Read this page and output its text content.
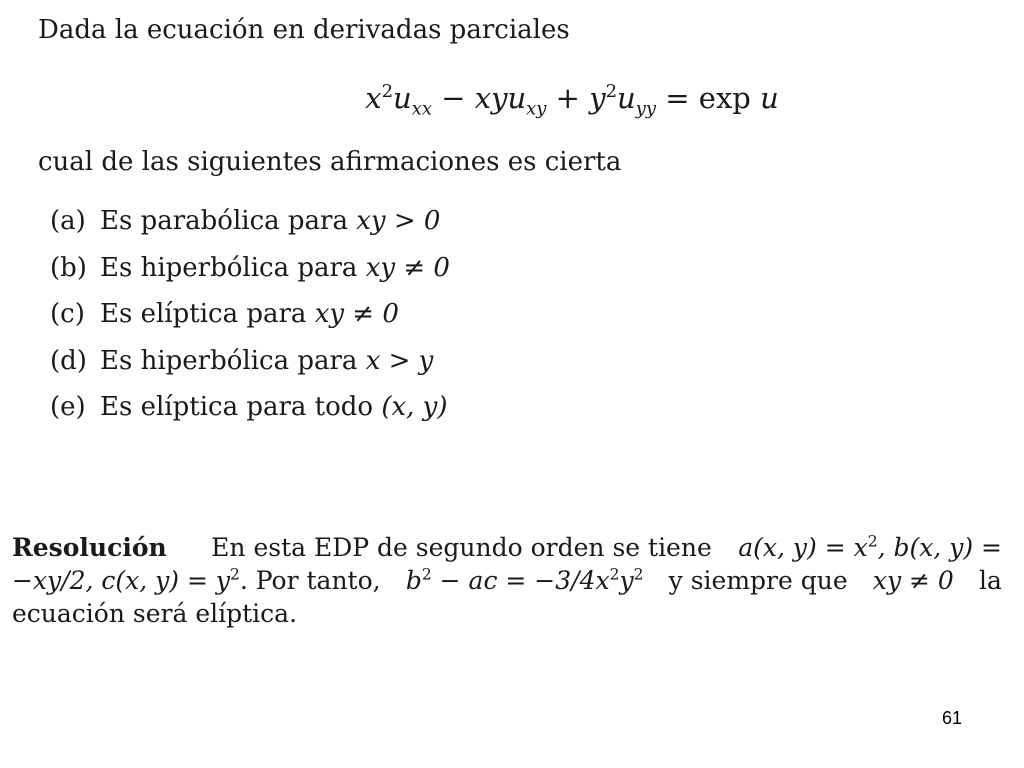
Dada la ecuación en derivadas parciales
$x^2u_{xx} - xyu_{xy} + y^2u_{yy} = \exp u$
cual de las siguientes afirmaciones es cierta
(a) Es parabólica para xy > 0
(b) Es hiperbólica para xy ≠ 0
(c) Es elíptica para xy ≠ 0
(d) Es hiperbólica para x > y
(e) Es elíptica para todo (x, y)
Resolución En esta EDP de segundo orden se tiene a(x, $y) = x^2$, b(x, y) =
−xy/2, c(x, $y) = y^2$. Por tanto, $b^2$ − ac = $-3/4x^2y^2$ y siempre que xy ≠ 0 la
ecuación será elíptica.
61
